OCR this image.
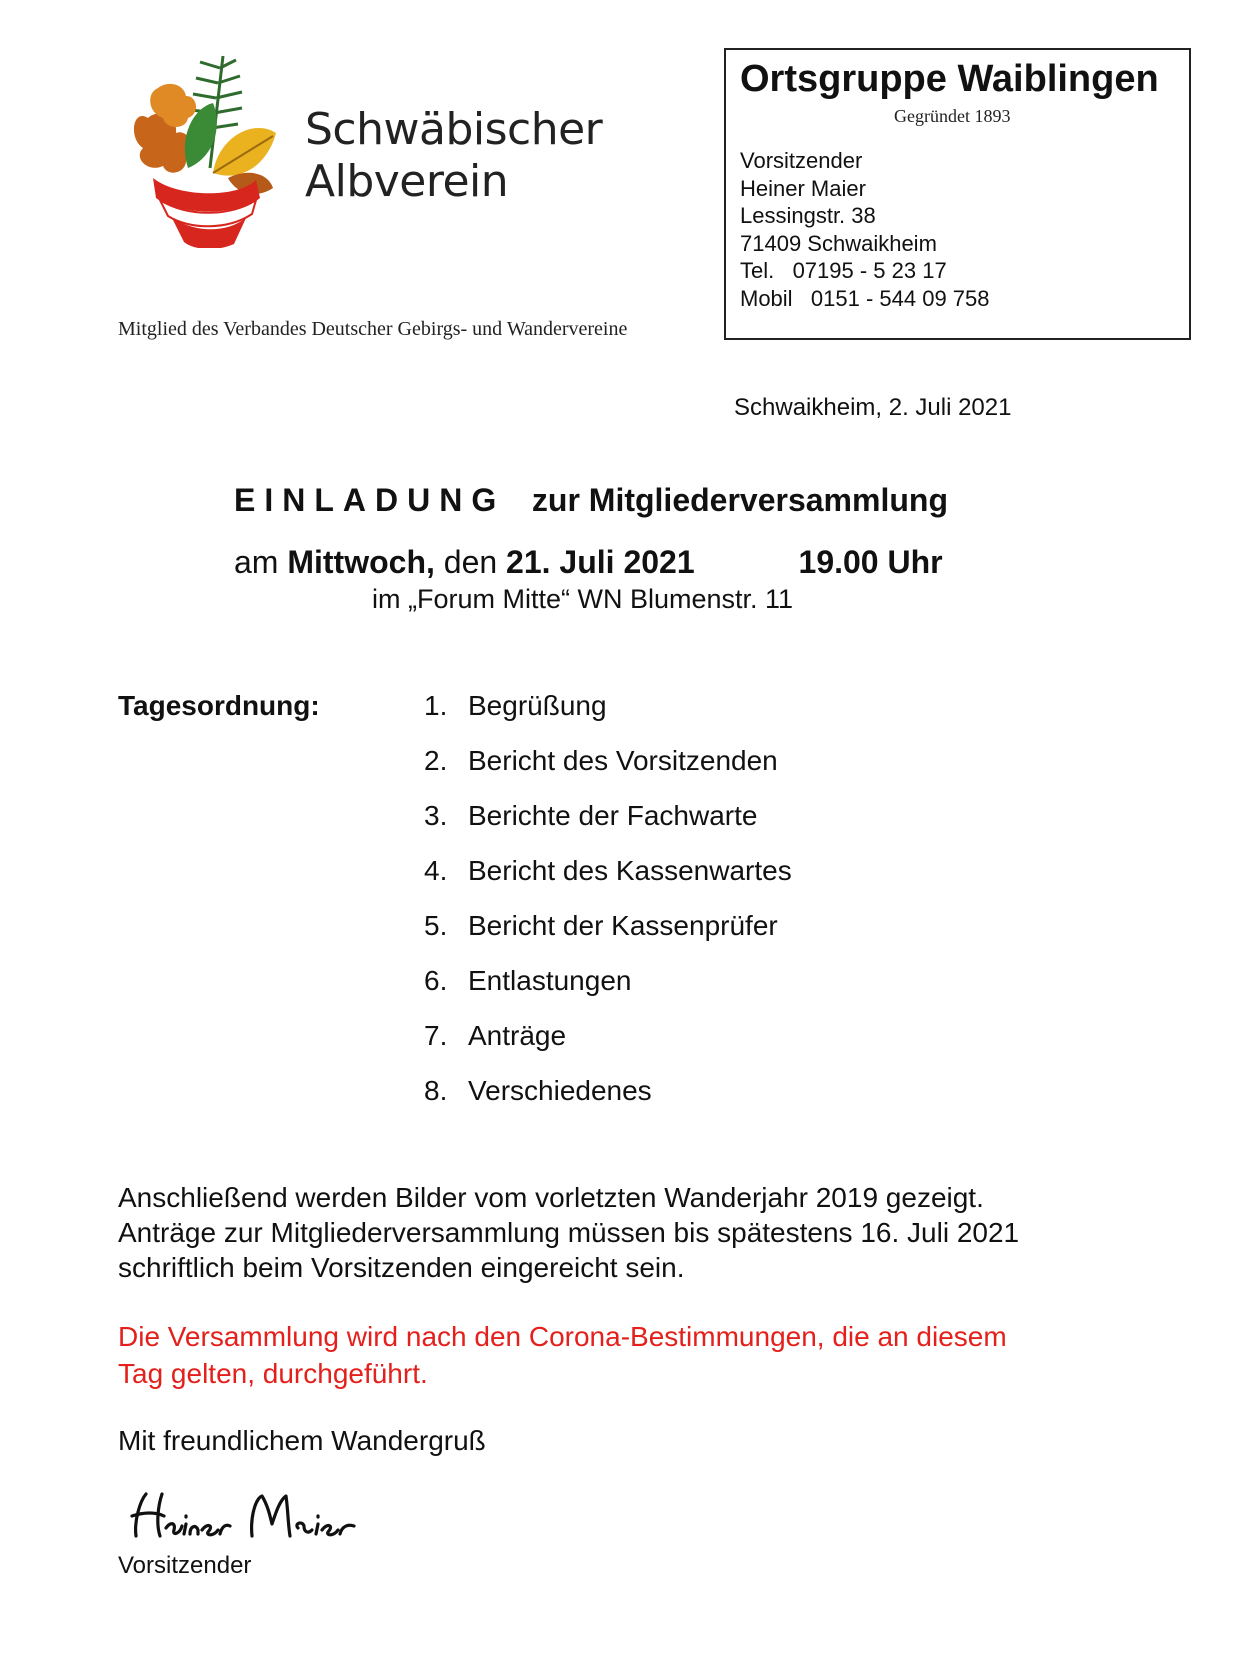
Schwäbischer
Albverein
Mitglied des Verbandes Deutscher Gebirgs- und Wandervereine
Ortsgruppe Waiblingen
Gegründet 1893
Vorsitzender
Heiner Maier
Lessingstr. 38
71409 Schwaikheim
Tel.   07195 - 5 23 17
Mobil   0151 - 544 09 758
Schwaikheim, 2. Juli 2021
EINLADUNG zur Mitgliederversammlung
am Mittwoch, den 21. Juli 2021	19.00 Uhr
im „Forum Mitte“ WN Blumenstr. 11
Tagesordnung:	1. Begrüßung
2. Bericht des Vorsitzenden
3. Berichte der Fachwarte
4. Bericht des Kassenwartes
5. Bericht der Kassenprüfer
6. Entlastungen
7. Anträge
8. Verschiedenes
Anschließend werden Bilder vom vorletzten Wanderjahr 2019 gezeigt.
Anträge zur Mitgliederversammlung müssen bis spätestens 16. Juli 2021
schriftlich beim Vorsitzenden eingereicht sein.
Die Versammlung wird nach den Corona-Bestimmungen, die an diesem
Tag gelten, durchgeführt.
Mit freundlichem Wandergruß
Vorsitzender
